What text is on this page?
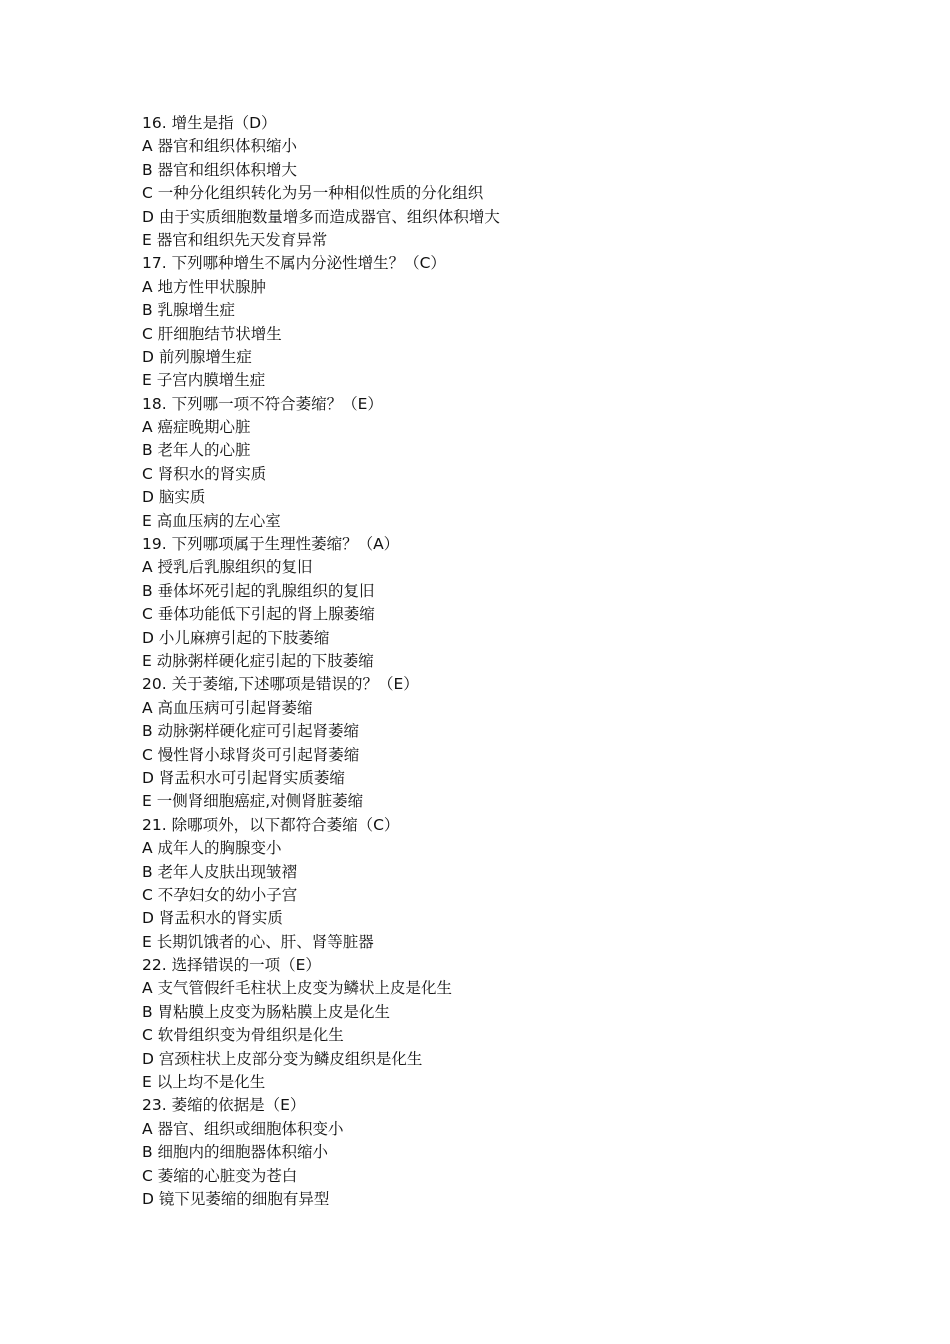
16. 增生是指（D）
A 器官和组织体积缩小
B 器官和组织体积增大
C 一种分化组织转化为另一种相似性质的分化组织
D 由于实质细胞数量增多而造成器官、组织体积增大
E 器官和组织先天发育异常
17. 下列哪种增生不属内分泌性增生？（C）
A 地方性甲状腺肿
B 乳腺增生症
C 肝细胞结节状增生
D 前列腺增生症
E 子宫内膜增生症
18. 下列哪一项不符合萎缩？（E）
A 癌症晚期心脏
B 老年人的心脏
C 肾积水的肾实质
D 脑实质
E 高血压病的左心室
19. 下列哪项属于生理性萎缩？（A）
A 授乳后乳腺组织的复旧
B 垂体坏死引起的乳腺组织的复旧
C 垂体功能低下引起的肾上腺萎缩
D 小儿麻痹引起的下肢萎缩
E 动脉粥样硬化症引起的下肢萎缩
20. 关于萎缩,下述哪项是错误的？（E）
A 高血压病可引起肾萎缩
B 动脉粥样硬化症可引起肾萎缩
C 慢性肾小球肾炎可引起肾萎缩
D 肾盂积水可引起肾实质萎缩
E 一侧肾细胞癌症,对侧肾脏萎缩
21. 除哪项外，以下都符合萎缩（C）
A 成年人的胸腺变小
B 老年人皮肤出现皱褶
C 不孕妇女的幼小子宫
D 肾盂积水的肾实质
E 长期饥饿者的心、肝、肾等脏器
22. 选择错误的一项（E）
A 支气管假纤毛柱状上皮变为鳞状上皮是化生
B 胃粘膜上皮变为肠粘膜上皮是化生
C 软骨组织变为骨组织是化生
D 宫颈柱状上皮部分变为鳞皮组织是化生
E 以上均不是化生
23. 萎缩的依据是（E）
A 器官、组织或细胞体积变小
B 细胞内的细胞器体积缩小
C 萎缩的心脏变为苍白
D 镜下见萎缩的细胞有异型
